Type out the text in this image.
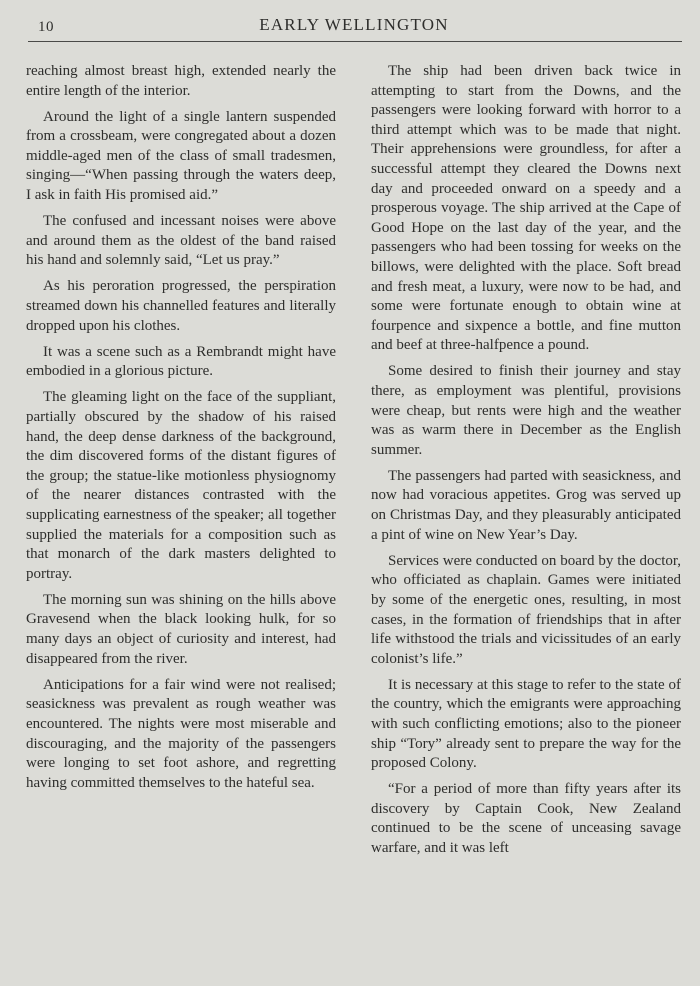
10	EARLY WELLINGTON

reaching almost breast high, extended nearly the entire length of the interior.

Around the light of a single lantern suspended from a crossbeam, were congregated about a dozen middle-aged men of the class of small tradesmen, singing—“When passing through the waters deep, I ask in faith His promised aid.”

The confused and incessant noises were above and around them as the oldest of the band raised his hand and solemnly said, “Let us pray.”

As his peroration progressed, the perspiration streamed down his channelled features and literally dropped upon his clothes.

It was a scene such as a Rembrandt might have embodied in a glorious picture.

The gleaming light on the face of the suppliant, partially obscured by the shadow of his raised hand, the deep dense darkness of the background, the dim discovered forms of the distant figures of the group; the statue-like motionless physiognomy of the nearer distances contrasted with the supplicating earnestness of the speaker; all together supplied the materials for a composition such as that monarch of the dark masters delighted to portray.

The morning sun was shining on the hills above Gravesend when the black looking hulk, for so many days an object of curiosity and interest, had disappeared from the river.

Anticipations for a fair wind were not realised; seasickness was prevalent as rough weather was encountered. The nights were most miserable and discouraging, and the majority of the passengers were longing to set foot ashore, and regretting having committed themselves to the hateful sea.

The ship had been driven back twice in attempting to start from the Downs, and the passengers were looking forward with horror to a third attempt which was to be made that night. Their apprehensions were groundless, for after a successful attempt they cleared the Downs next day and proceeded onward on a speedy and a prosperous voyage. The ship arrived at the Cape of Good Hope on the last day of the year, and the passengers who had been tossing for weeks on the billows, were delighted with the place. Soft bread and fresh meat, a luxury, were now to be had, and some were fortunate enough to obtain wine at fourpence and sixpence a bottle, and fine mutton and beef at three-halfpence a pound.

Some desired to finish their journey and stay there, as employment was plentiful, provisions were cheap, but rents were high and the weather was as warm there in December as the English summer.

The passengers had parted with seasickness, and now had voracious appetites. Grog was served up on Christmas Day, and they pleasurably anticipated a pint of wine on New Year’s Day.

Services were conducted on board by the doctor, who officiated as chaplain. Games were initiated by some of the energetic ones, resulting, in most cases, in the formation of friendships that in after life withstood the trials and vicissitudes of an early colonist’s life.”

It is necessary at this stage to refer to the state of the country, which the emigrants were approaching with such conflicting emotions; also to the pioneer ship “Tory” already sent to prepare the way for the proposed Colony.

“For a period of more than fifty years after its discovery by Captain Cook, New Zealand continued to be the scene of unceasing savage warfare, and it was left
